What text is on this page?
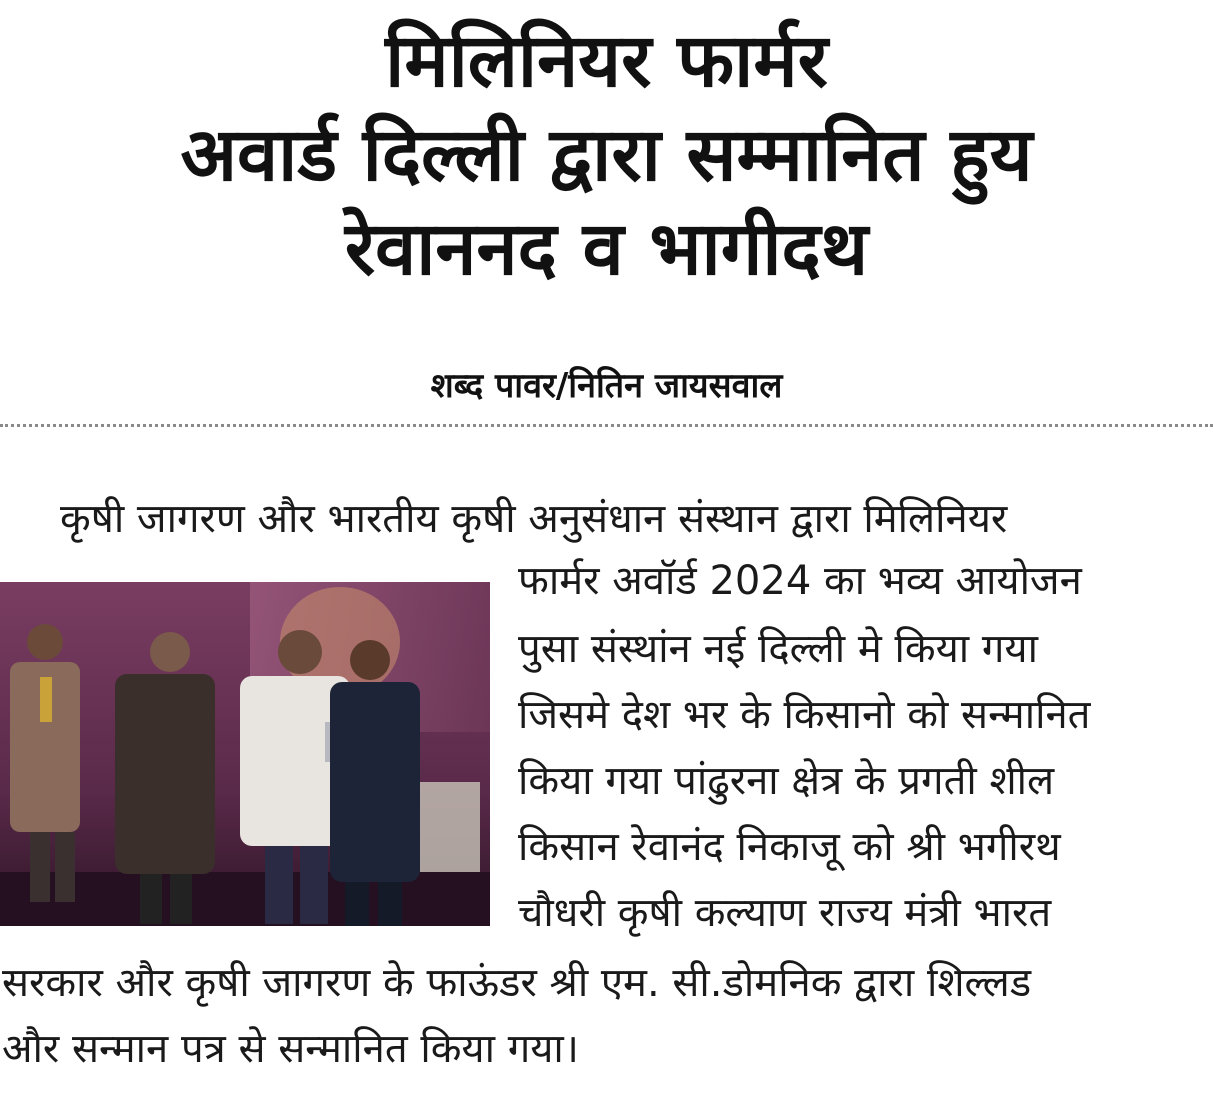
मिलिनियर फार्मर
अवार्ड दिल्ली द्वारा सम्मानित हुय
रेवाननद व भागीदथ
शब्द पावर/नितिन जायसवाल
कृषी जागरण और भारतीय कृषी अनुसंधान संस्थान द्वारा मिलिनियर
फार्मर अवॉर्ड 2024 का भव्य आयोजन
पुसा संस्थांन नई दिल्ली मे किया गया
जिसमे देश भर के किसानो को सन्मानित
किया गया पांढुरना क्षेत्र के प्रगती शील
किसान रेवानंद निकाजू को श्री भगीरथ
चौधरी कृषी कल्याण राज्य मंत्री भारत
सरकार और कृषी जागरण के फाऊंडर श्री एम. सी.डोमनिक द्वारा शिल्लड
और सन्मान पत्र से सन्मानित किया गया।
